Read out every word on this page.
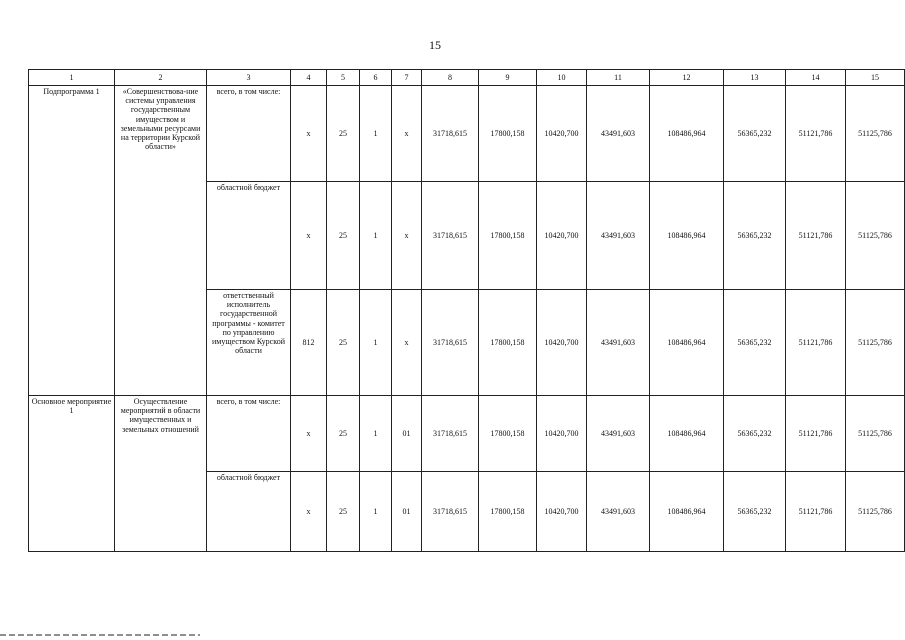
15
1	2	3	4	5	6	7	8	9	10	11	12	13	14	15
Подпрограмма 1	«Совершенствова-ние системы управления государственным имуществом и земельными ресурсами на территории Курской области»	всего, в том числе:	х	25	1	х	31718,615	17800,158	10420,700	43491,603	108486,964	56365,232	51121,786	51125,786
		областной бюджет	х	25	1	х	31718,615	17800,158	10420,700	43491,603	108486,964	56365,232	51121,786	51125,786
		ответственный исполнитель государственной программы - комитет по управлению имуществом Курской области	812	25	1	х	31718,615	17800,158	10420,700	43491,603	108486,964	56365,232	51121,786	51125,786
Основное мероприятие 1	Осуществление мероприятий в области имущественных и земельных отношений	всего, в том числе:	х	25	1	01	31718,615	17800,158	10420,700	43491,603	108486,964	56365,232	51121,786	51125,786
		областной бюджет	х	25	1	01	31718,615	17800,158	10420,700	43491,603	108486,964	56365,232	51121,786	51125,786
